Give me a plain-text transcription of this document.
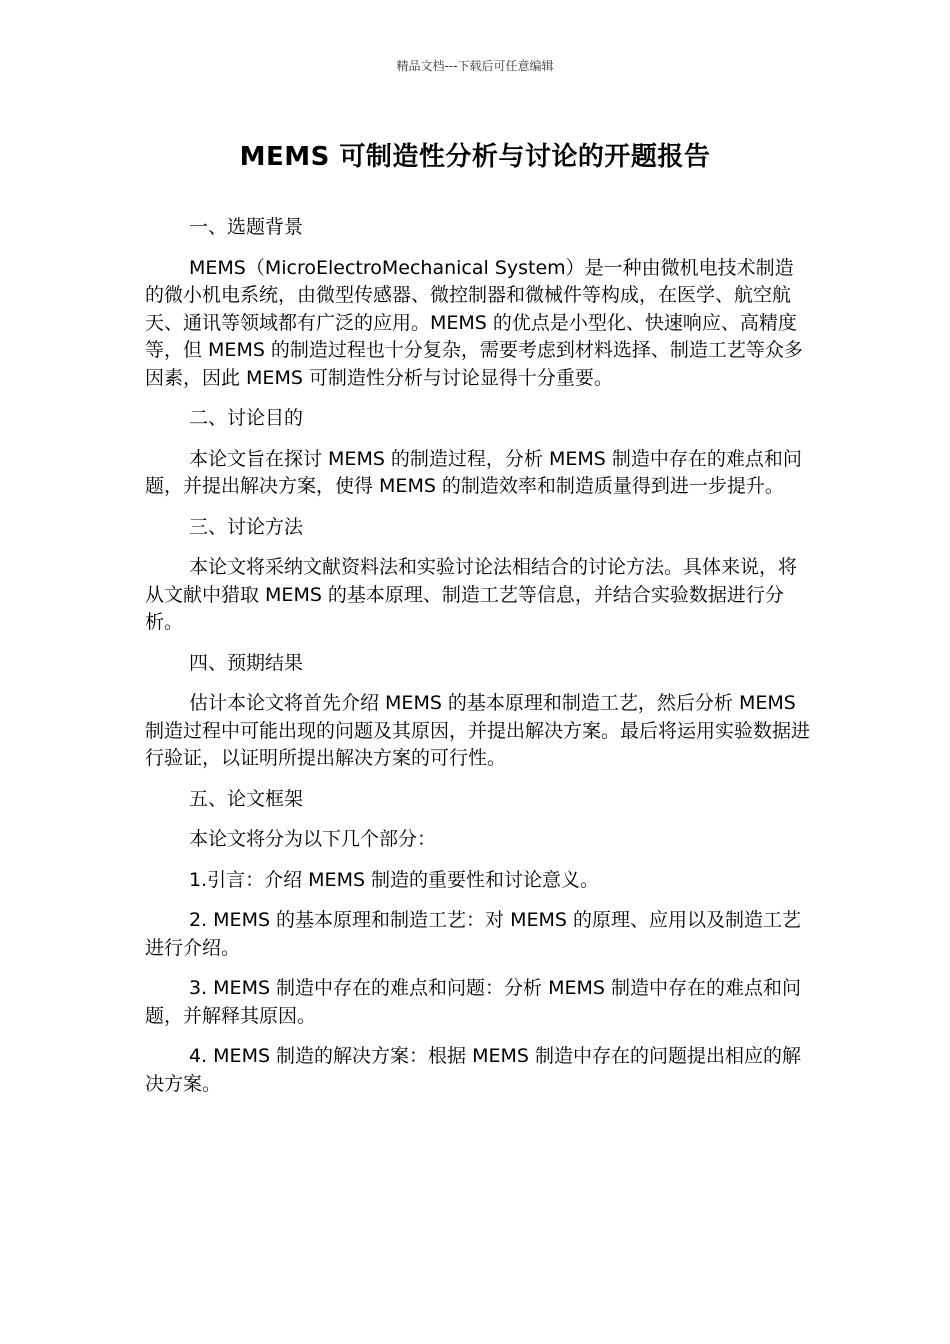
精品文档---下载后可任意编辑
MEMS 可制造性分析与讨论的开题报告

一、选题背景

MEMS（MicroElectroMechanical System）是一种由微机电技术制造的微小机电系统，由微型传感器、微控制器和微械件等构成，在医学、航空航天、通讯等领域都有广泛的应用。MEMS 的优点是小型化、快速响应、高精度等，但 MEMS 的制造过程也十分复杂，需要考虑到材料选择、制造工艺等众多因素，因此 MEMS 可制造性分析与讨论显得十分重要。

二、讨论目的

本论文旨在探讨 MEMS 的制造过程，分析 MEMS 制造中存在的难点和问题，并提出解决方案，使得 MEMS 的制造效率和制造质量得到进一步提升。

三、讨论方法

本论文将采纳文献资料法和实验讨论法相结合的讨论方法。具体来说，将从文献中猎取 MEMS 的基本原理、制造工艺等信息，并结合实验数据进行分析。

四、预期结果

估计本论文将首先介绍 MEMS 的基本原理和制造工艺，然后分析 MEMS 制造过程中可能出现的问题及其原因，并提出解决方案。最后将运用实验数据进行验证，以证明所提出解决方案的可行性。

五、论文框架

本论文将分为以下几个部分：

1.引言：介绍 MEMS 制造的重要性和讨论意义。

2. MEMS 的基本原理和制造工艺：对 MEMS 的原理、应用以及制造工艺进行介绍。

3. MEMS 制造中存在的难点和问题：分析 MEMS 制造中存在的难点和问题，并解释其原因。

4. MEMS 制造的解决方案：根据 MEMS 制造中存在的问题提出相应的解决方案。
